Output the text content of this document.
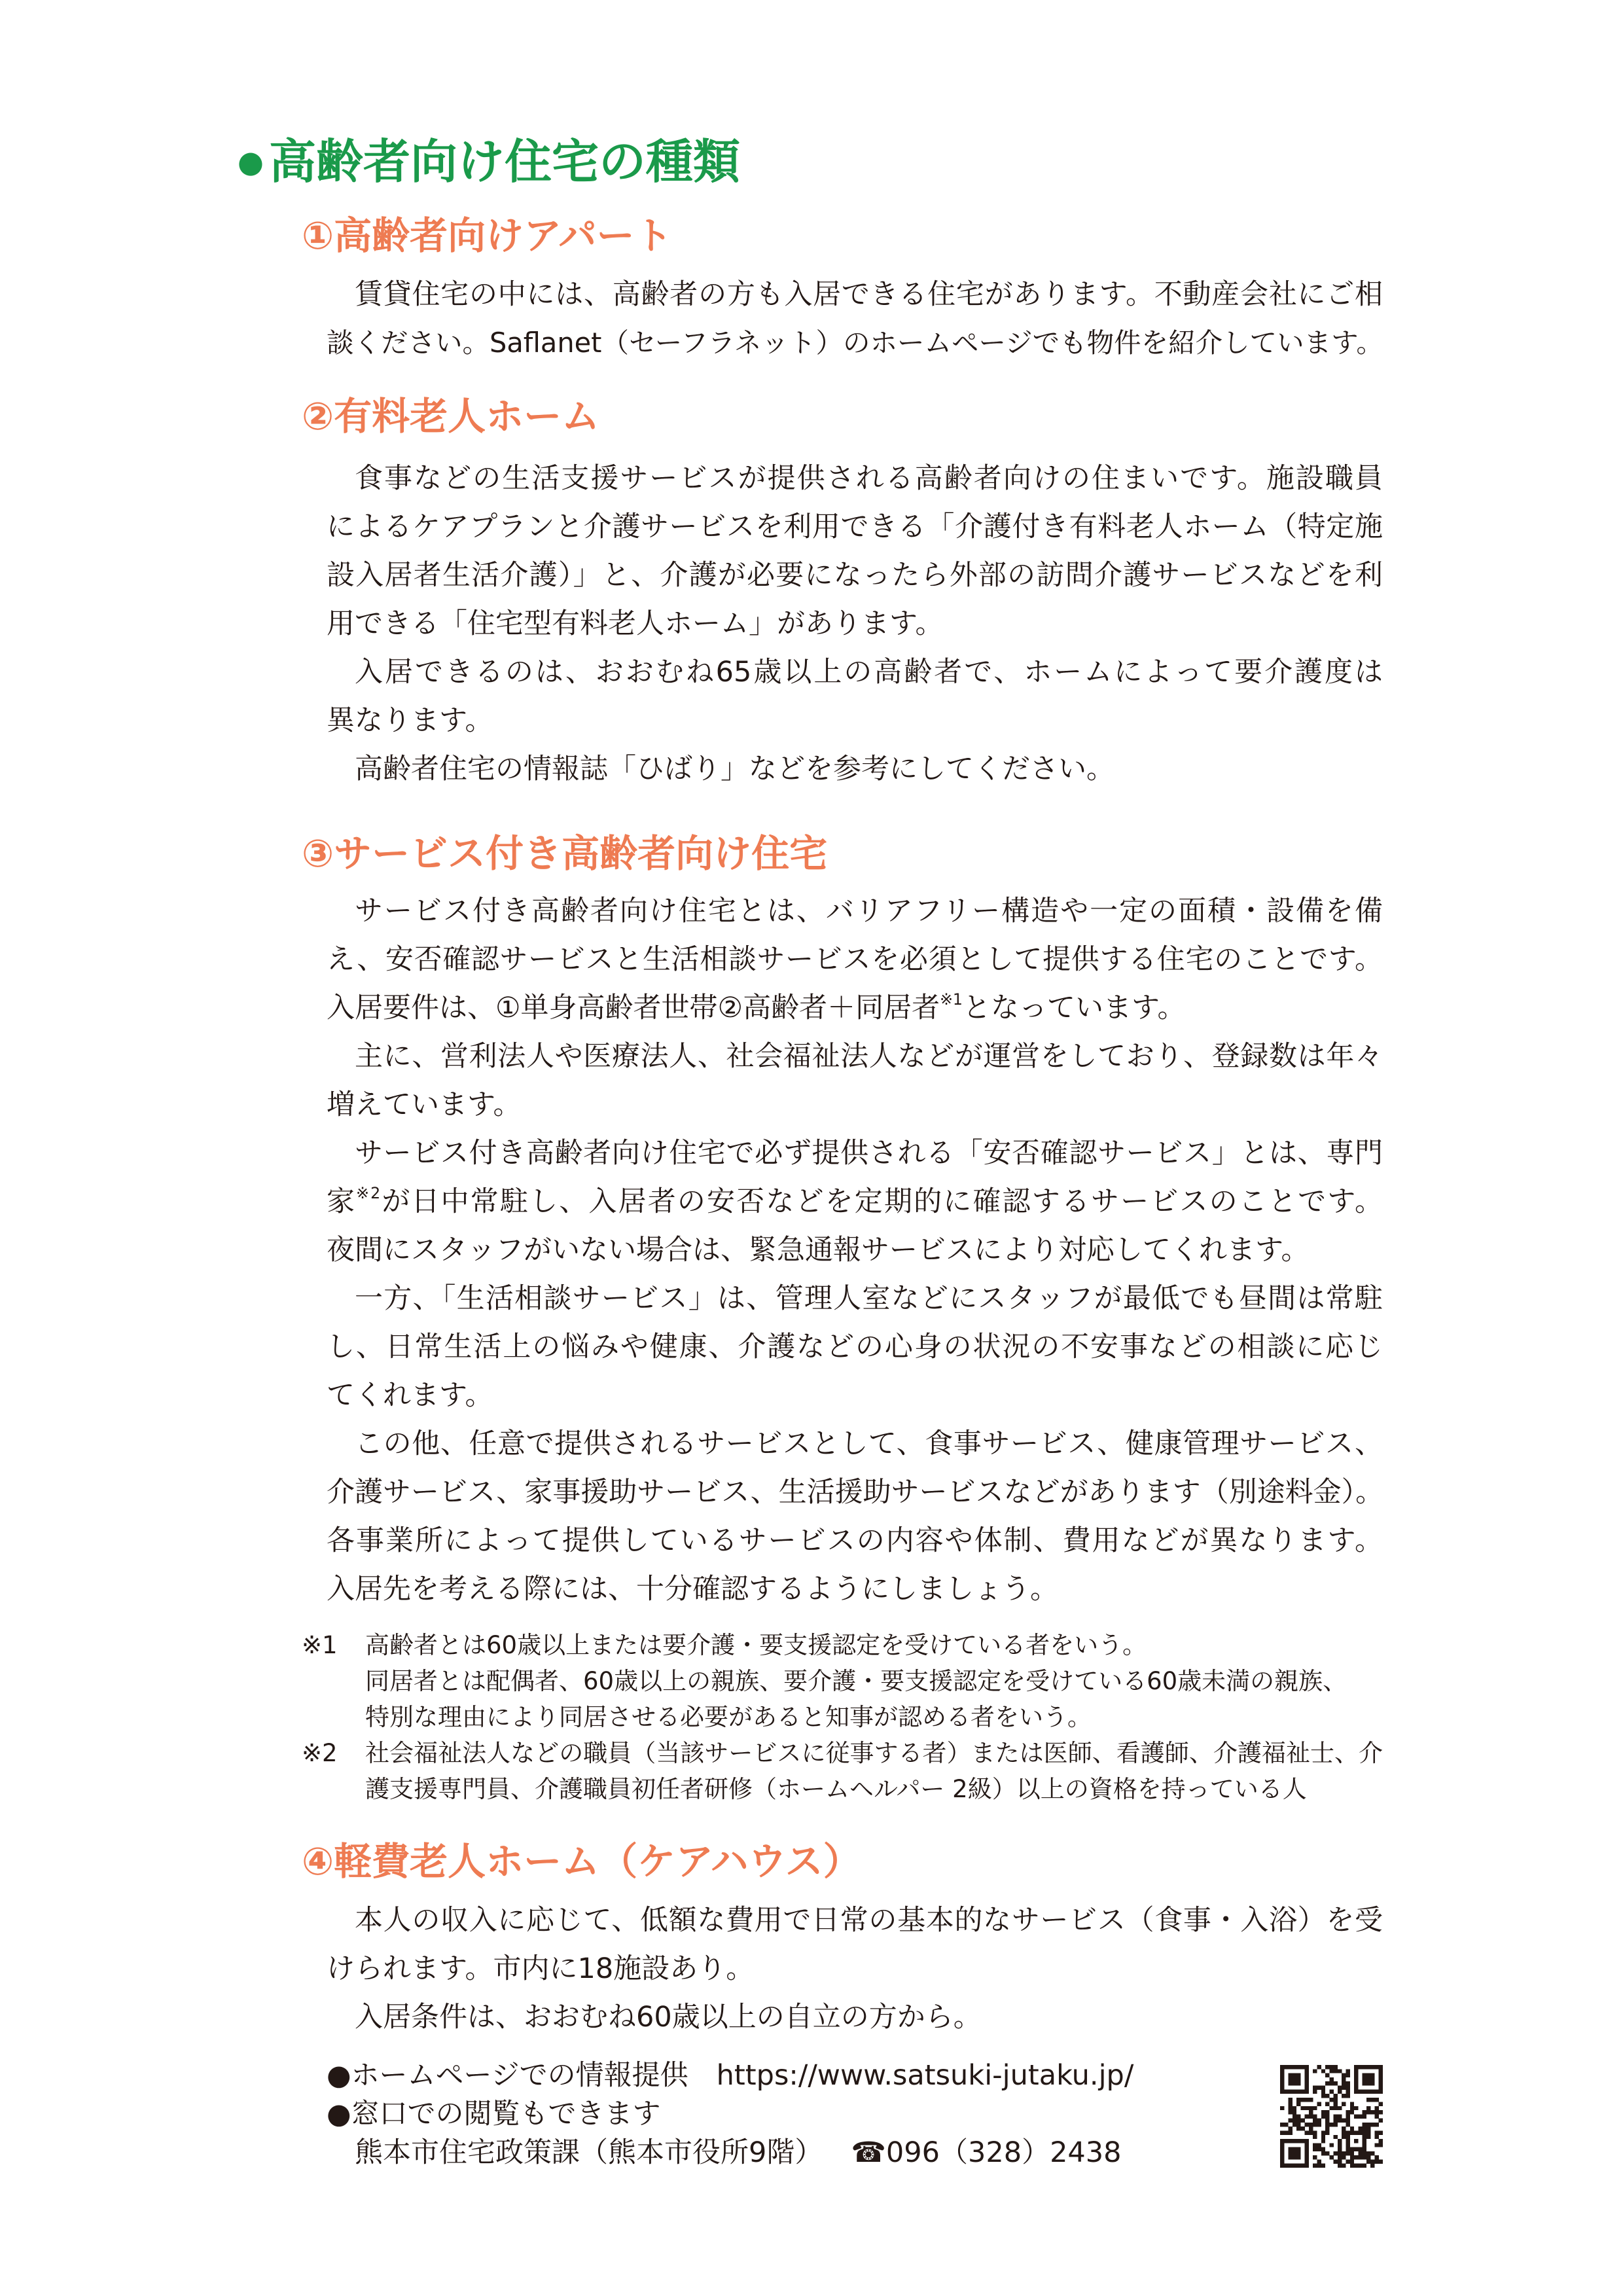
● 高齢者向け住宅の種類
①高齢者向けアパート
賃貸住宅の中には、高齢者の方も入居できる住宅があります。不動産会社にご相
談ください。Saflanet（セーフラネット）のホームページでも物件を紹介しています。
②有料老人ホーム
食事などの生活支援サービスが提供される高齢者向けの住まいです。施設職員
によるケアプランと介護サービスを利用できる「介護付き有料老人ホーム（特定施
設入居者生活介護）」と、介護が必要になったら外部の訪問介護サービスなどを利
用できる「住宅型有料老人ホーム」があります。
入居できるのは、おおむね65歳以上の高齢者で、ホームによって要介護度は
異なります。
高齢者住宅の情報誌「ひばり」などを参考にしてください。
③サービス付き高齢者向け住宅
サービス付き高齢者向け住宅とは、バリアフリー構造や一定の面積・設備を備
え、安否確認サービスと生活相談サービスを必須として提供する住宅のことです。
入居要件は、①単身高齢者世帯②高齢者＋同居者$^{※1}$となっています。
主に、営利法人や医療法人、社会福祉法人などが運営をしており、登録数は年々
増えています。
サービス付き高齢者向け住宅で必ず提供される「安否確認サービス」とは、専門
家$^{※2}$が日中常駐し、入居者の安否などを定期的に確認するサービスのことです。
夜間にスタッフがいない場合は、緊急通報サービスにより対応してくれます。
一方、「生活相談サービス」は、管理人室などにスタッフが最低でも昼間は常駐
し、日常生活上の悩みや健康、介護などの心身の状況の不安事などの相談に応じ
てくれます。
この他、任意で提供されるサービスとして、食事サービス、健康管理サービス、
介護サービス、家事援助サービス、生活援助サービスなどがあります（別途料金）。
各事業所によって提供しているサービスの内容や体制、費用などが異なります。
入居先を考える際には、十分確認するようにしましょう。
※1	高齢者とは60歳以上または要介護・要支援認定を受けている者をいう。
同居者とは配偶者、60歳以上の親族、要介護・要支援認定を受けている60歳未満の親族、
特別な理由により同居させる必要があると知事が認める者をいう。
※2	社会福祉法人などの職員（当該サービスに従事する者）または医師、看護師、介護福祉士、介
護支援専門員、介護職員初任者研修（ホームヘルパー 2級）以上の資格を持っている人
④軽費老人ホーム（ケアハウス）
本人の収入に応じて、低額な費用で日常の基本的なサービス（食事・入浴）を受
けられます。市内に18施設あり。
入居条件は、おおむね60歳以上の自立の方から。
●ホームページでの情報提供 https://www.satsuki-jutaku.jp/
●窓口での閲覧もできます
熊本市住宅政策課（熊本市役所9階） ☎096（328）2438
